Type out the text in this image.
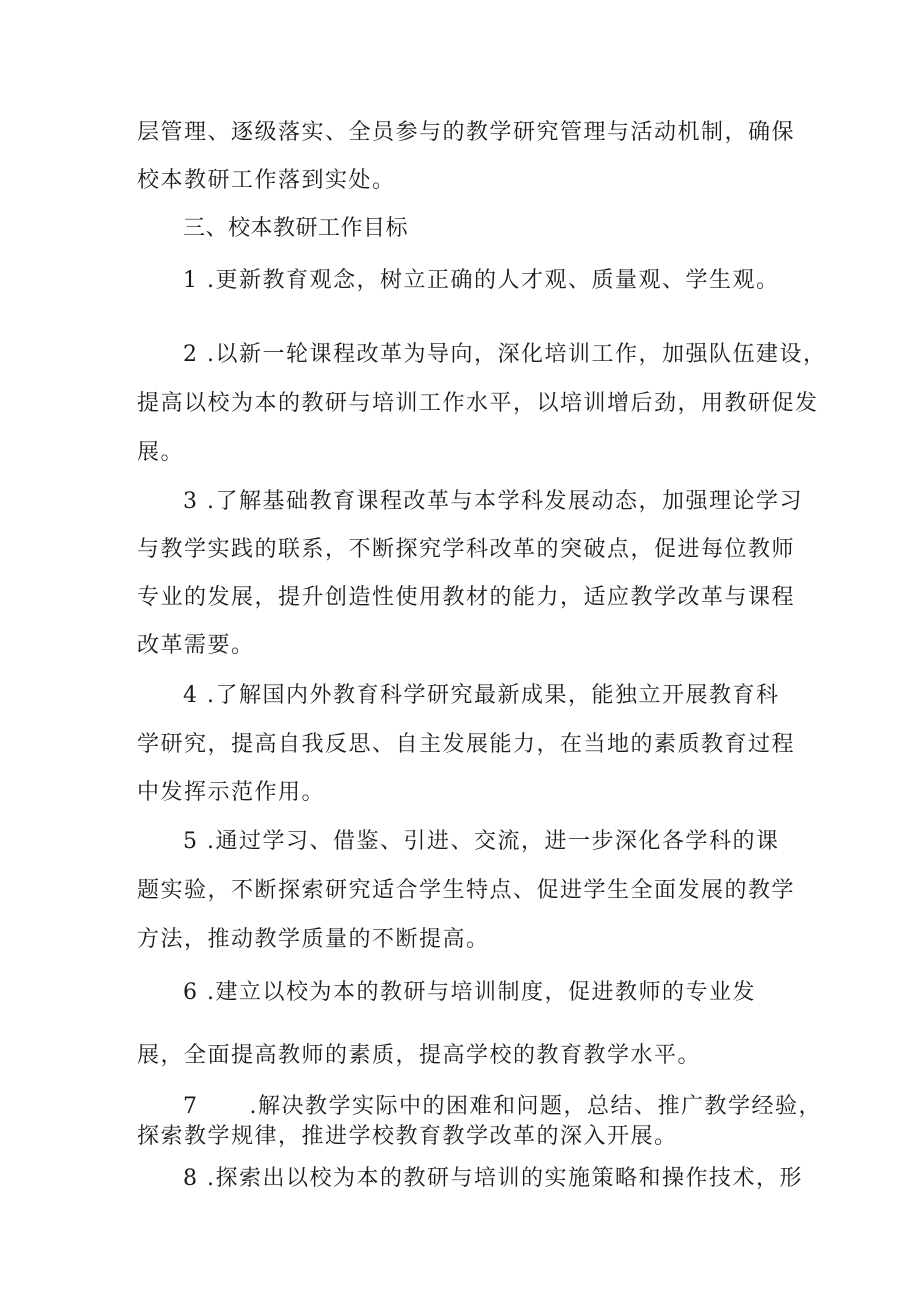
层管理、逐级落实、全员参与的教学研究管理与活动机制，确保
校本教研工作落到实处。
三、校本教研工作目标
1 .更新教育观念，树立正确的人才观、质量观、学生观。
2 .以新一轮课程改革为导向，深化培训工作，加强队伍建设，
提高以校为本的教研与培训工作水平，以培训增后劲，用教研促发
展。
3 .了解基础教育课程改革与本学科发展动态，加强理论学习
与教学实践的联系，不断探究学科改革的突破点，促进每位教师
专业的发展，提升创造性使用教材的能力，适应教学改革与课程
改革需要。
4 .了解国内外教育科学研究最新成果，能独立开展教育科
学研究，提高自我反思、自主发展能力，在当地的素质教育过程
中发挥示范作用。
5 .通过学习、借鉴、引进、交流，进一步深化各学科的课
题实验，不断探索研究适合学生特点、促进学生全面发展的教学
方法，推动教学质量的不断提高。
6 .建立以校为本的教研与培训制度，促进教师的专业发
展，全面提高教师的素质，提高学校的教育教学水平。
7      .解决教学实际中的困难和问题，总结、推广教学经验，
探索教学规律，推进学校教育教学改革的深入开展。
8 .探索出以校为本的教研与培训的实施策略和操作技术，形
